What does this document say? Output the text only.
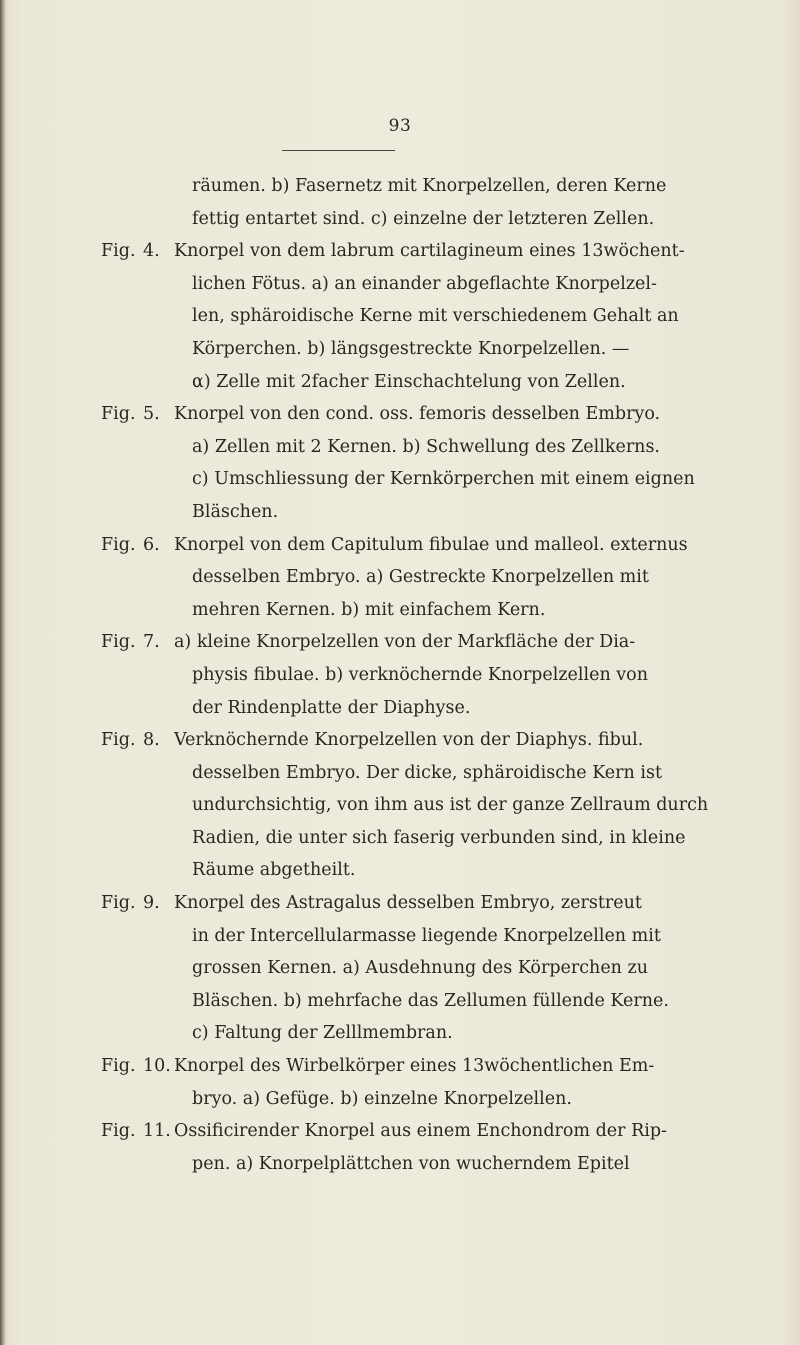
93
räumen. b) Fasernetz mit Knorpelzellen, deren Kerne
fettig entartet sind. c) einzelne der letzteren Zellen.
Fig. 4. Knorpel von dem labrum cartilagineum eines 13wöchent-
lichen Fötus. a) an einander abgeflachte Knorpelzel-
len, sphäroidische Kerne mit verschiedenem Gehalt an
Körperchen. b) längsgestreckte Knorpelzellen. —
α) Zelle mit 2facher Einschachtelung von Zellen.
Fig. 5. Knorpel von den cond. oss. femoris desselben Embryo.
a) Zellen mit 2 Kernen. b) Schwellung des Zellkerns.
c) Umschliessung der Kernkörperchen mit einem eignen
Bläschen.
Fig. 6. Knorpel von dem Capitulum fibulae und malleol. externus
desselben Embryo. a) Gestreckte Knorpelzellen mit
mehren Kernen. b) mit einfachem Kern.
Fig. 7. a) kleine Knorpelzellen von der Markfläche der Dia-
physis fibulae. b) verknöchernde Knorpelzellen von
der Rindenplatte der Diaphyse.
Fig. 8. Verknöchernde Knorpelzellen von der Diaphys. fibul.
desselben Embryo. Der dicke, sphäroidische Kern ist
undurchsichtig, von ihm aus ist der ganze Zellraum durch
Radien, die unter sich faserig verbunden sind, in kleine
Räume abgetheilt.
Fig. 9. Knorpel des Astragalus desselben Embryo, zerstreut
in der Intercellularmasse liegende Knorpelzellen mit
grossen Kernen. a) Ausdehnung des Körperchen zu
Bläschen. b) mehrfache das Zellumen füllende Kerne.
c) Faltung der Zelllmembran.
Fig. 10. Knorpel des Wirbelkörper eines 13wöchentlichen Em-
bryo. a) Gefüge. b) einzelne Knorpelzellen.
Fig. 11. Ossificirender Knorpel aus einem Enchondrom der Rip-
pen. a) Knorpelplättchen von wucherndem Epitel
